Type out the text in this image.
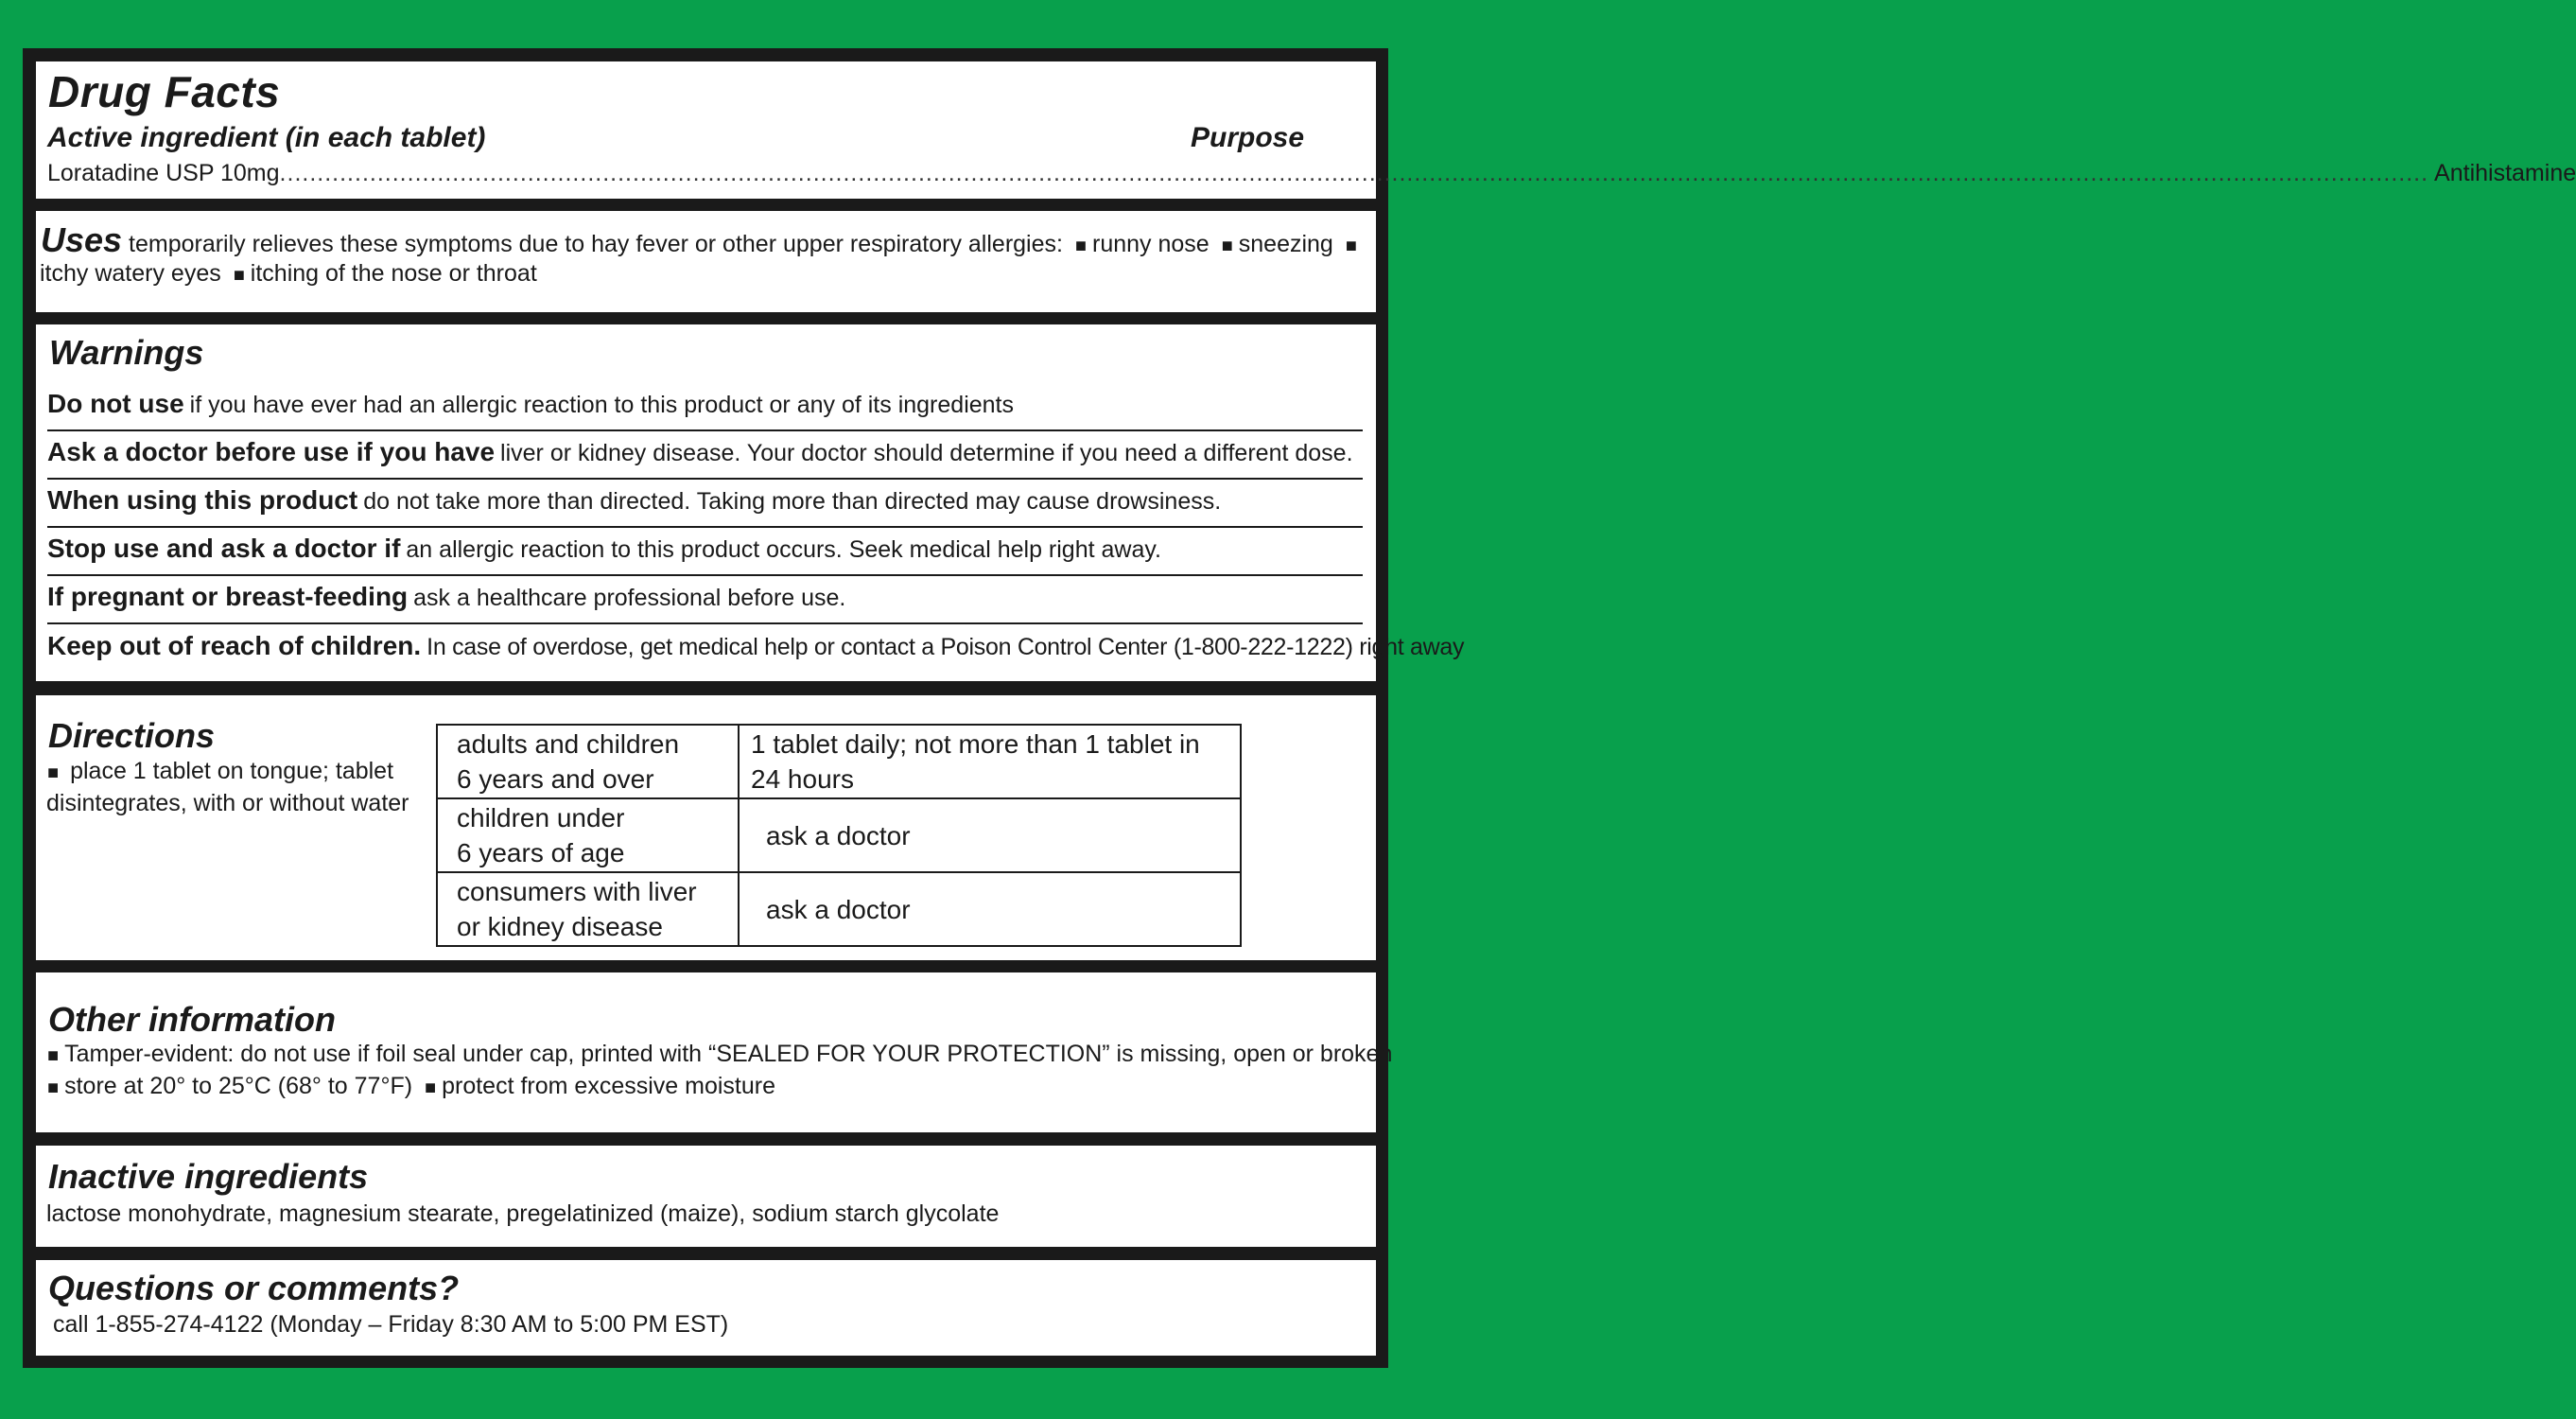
Drug Facts
Active ingredient (in each tablet)	Purpose
Loratadine USP 10mg .............................................................................................................................................................................................................................................................................................. Antihistamine
Uses temporarily relieves these symptoms due to hay fever or other upper respiratory allergies: ■ runny nose ■ sneezing ■
itchy watery eyes ■ itching of the nose or throat
Warnings
Do not use if you have ever had an allergic reaction to this product or any of its ingredients
Ask a doctor before use if you have liver or kidney disease. Your doctor should determine if you need a different dose.
When using this product do not take more than directed. Taking more than directed may cause drowsiness.
Stop use and ask a doctor if an allergic reaction to this product occurs. Seek medical help right away.
If pregnant or breast-feeding ask a healthcare professional before use.
Keep out of reach of children. In case of overdose, get medical help or contact a Poison Control Center (1-800-222-1222) right away
Directions
■ place 1 tablet on tongue; tablet
disintegrates, with or without water
adults and children
6 years and over	1 tablet daily; not more than 1 tablet in
24 hours
children under
6 years of age	ask a doctor
consumers with liver
or kidney disease	ask a doctor
Other information
■ Tamper-evident: do not use if foil seal under cap, printed with “SEALED FOR YOUR PROTECTION” is missing, open or broken
■ store at 20° to 25°C (68° to 77°F) ■ protect from excessive moisture
Inactive ingredients
lactose monohydrate, magnesium stearate, pregelatinized (maize), sodium starch glycolate
Questions or comments?
call 1-855-274-4122 (Monday – Friday 8:30 AM to 5:00 PM EST)
